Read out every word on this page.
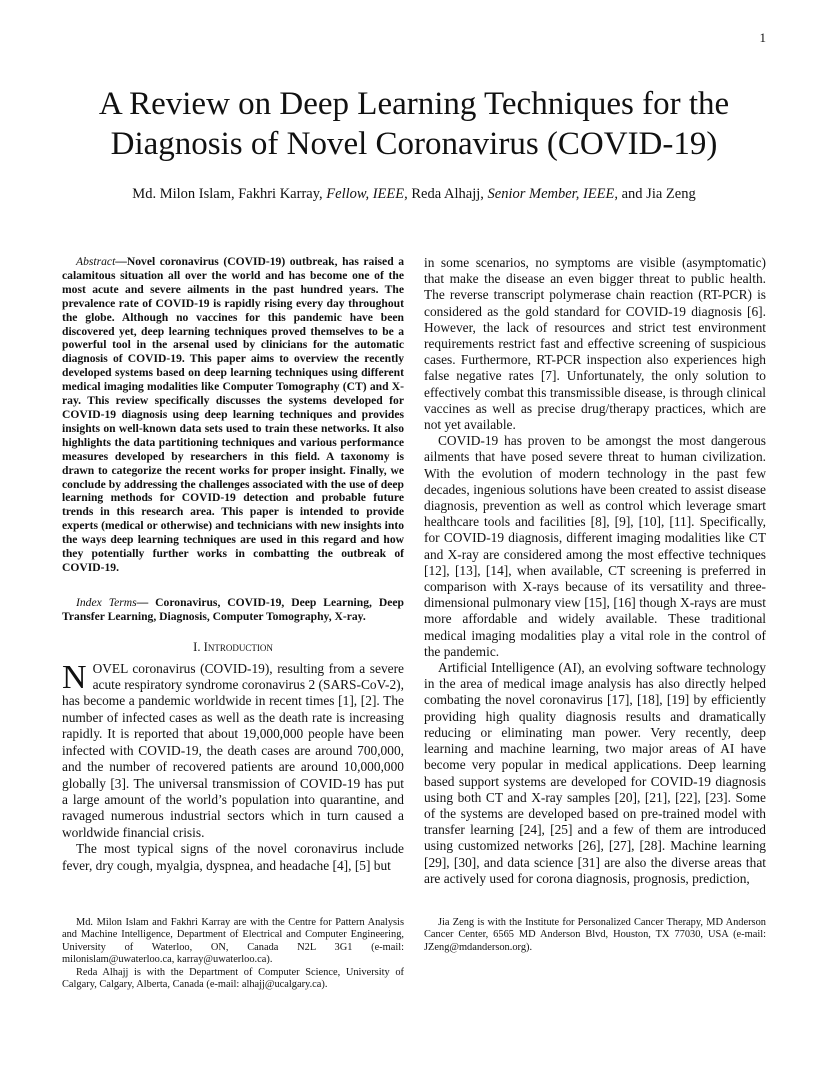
1
A Review on Deep Learning Techniques for the
Diagnosis of Novel Coronavirus (COVID-19)
Md. Milon Islam, Fakhri Karray, Fellow, IEEE, Reda Alhajj, Senior Member, IEEE, and Jia Zeng

Abstract—Novel coronavirus (COVID-19) outbreak, has raised a calamitous situation all over the world and has become one of the most acute and severe ailments in the past hundred years. The prevalence rate of COVID-19 is rapidly rising every day throughout the globe. Although no vaccines for this pandemic have been discovered yet, deep learning techniques proved themselves to be a powerful tool in the arsenal used by clinicians for the automatic diagnosis of COVID-19. This paper aims to overview the recently developed systems based on deep learning techniques using different medical imaging modalities like Computer Tomography (CT) and X-ray. This review specifically discusses the systems developed for COVID-19 diagnosis using deep learning techniques and provides insights on well-known data sets used to train these networks. It also highlights the data partitioning techniques and various performance measures developed by researchers in this field. A taxonomy is drawn to categorize the recent works for proper insight. Finally, we conclude by addressing the challenges associated with the use of deep learning methods for COVID-19 detection and probable future trends in this research area. This paper is intended to provide experts (medical or otherwise) and technicians with new insights into the ways deep learning techniques are used in this regard and how they potentially further works in combatting the outbreak of COVID-19.

Index Terms— Coronavirus, COVID-19, Deep Learning, Deep Transfer Learning, Diagnosis, Computer Tomography, X-ray.

I. Introduction

NOVEL coronavirus (COVID-19), resulting from a severe acute respiratory syndrome coronavirus 2 (SARS-CoV-2), has become a pandemic worldwide in recent times [1], [2]. The number of infected cases as well as the death rate is increasing rapidly. It is reported that about 19,000,000 people have been infected with COVID-19, the death cases are around 700,000, and the number of recovered patients are around 10,000,000 globally [3]. The universal transmission of COVID-19 has put a large amount of the world’s population into quarantine, and ravaged numerous industrial sectors which in turn caused a worldwide financial crisis.

The most typical signs of the novel coronavirus include fever, dry cough, myalgia, dyspnea, and headache [4], [5] but

in some scenarios, no symptoms are visible (asymptomatic) that make the disease an even bigger threat to public health. The reverse transcript polymerase chain reaction (RT-PCR) is considered as the gold standard for COVID-19 diagnosis [6]. However, the lack of resources and strict test environment requirements restrict fast and effective screening of suspicious cases. Furthermore, RT-PCR inspection also experiences high false negative rates [7]. Unfortunately, the only solution to effectively combat this transmissible disease, is through clinical vaccines as well as precise drug/therapy practices, which are not yet available.

COVID-19 has proven to be amongst the most dangerous ailments that have posed severe threat to human civilization. With the evolution of modern technology in the past few decades, ingenious solutions have been created to assist disease diagnosis, prevention as well as control which leverage smart healthcare tools and facilities [8], [9], [10], [11]. Specifically, for COVID-19 diagnosis, different imaging modalities like CT and X-ray are considered among the most effective techniques [12], [13], [14], when available, CT screening is preferred in comparison with X-rays because of its versatility and three-dimensional pulmonary view [15], [16] though X-rays are must more affordable and widely available. These traditional medical imaging modalities play a vital role in the control of the pandemic.

Artificial Intelligence (AI), an evolving software technology in the area of medical image analysis has also directly helped combating the novel coronavirus [17], [18], [19] by efficiently providing high quality diagnosis results and dramatically reducing or eliminating man power. Very recently, deep learning and machine learning, two major areas of AI have become very popular in medical applications. Deep learning based support systems are developed for COVID-19 diagnosis using both CT and X-ray samples [20], [21], [22], [23]. Some of the systems are developed based on pre-trained model with transfer learning [24], [25] and a few of them are introduced using customized networks [26], [27], [28]. Machine learning [29], [30], and data science [31] are also the diverse areas that are actively used for corona diagnosis, prognosis, prediction,

Md. Milon Islam and Fakhri Karray are with the Centre for Pattern Analysis and Machine Intelligence, Department of Electrical and Computer Engineering, University of Waterloo, ON, Canada N2L 3G1 (e-mail: milonislam@uwaterloo.ca, karray@uwaterloo.ca).

Reda Alhajj is with the Department of Computer Science, University of Calgary, Calgary, Alberta, Canada (e-mail: alhajj@ucalgary.ca).

Jia Zeng is with the Institute for Personalized Cancer Therapy, MD Anderson Cancer Center, 6565 MD Anderson Blvd, Houston, TX 77030, USA (e-mail: JZeng@mdanderson.org).
